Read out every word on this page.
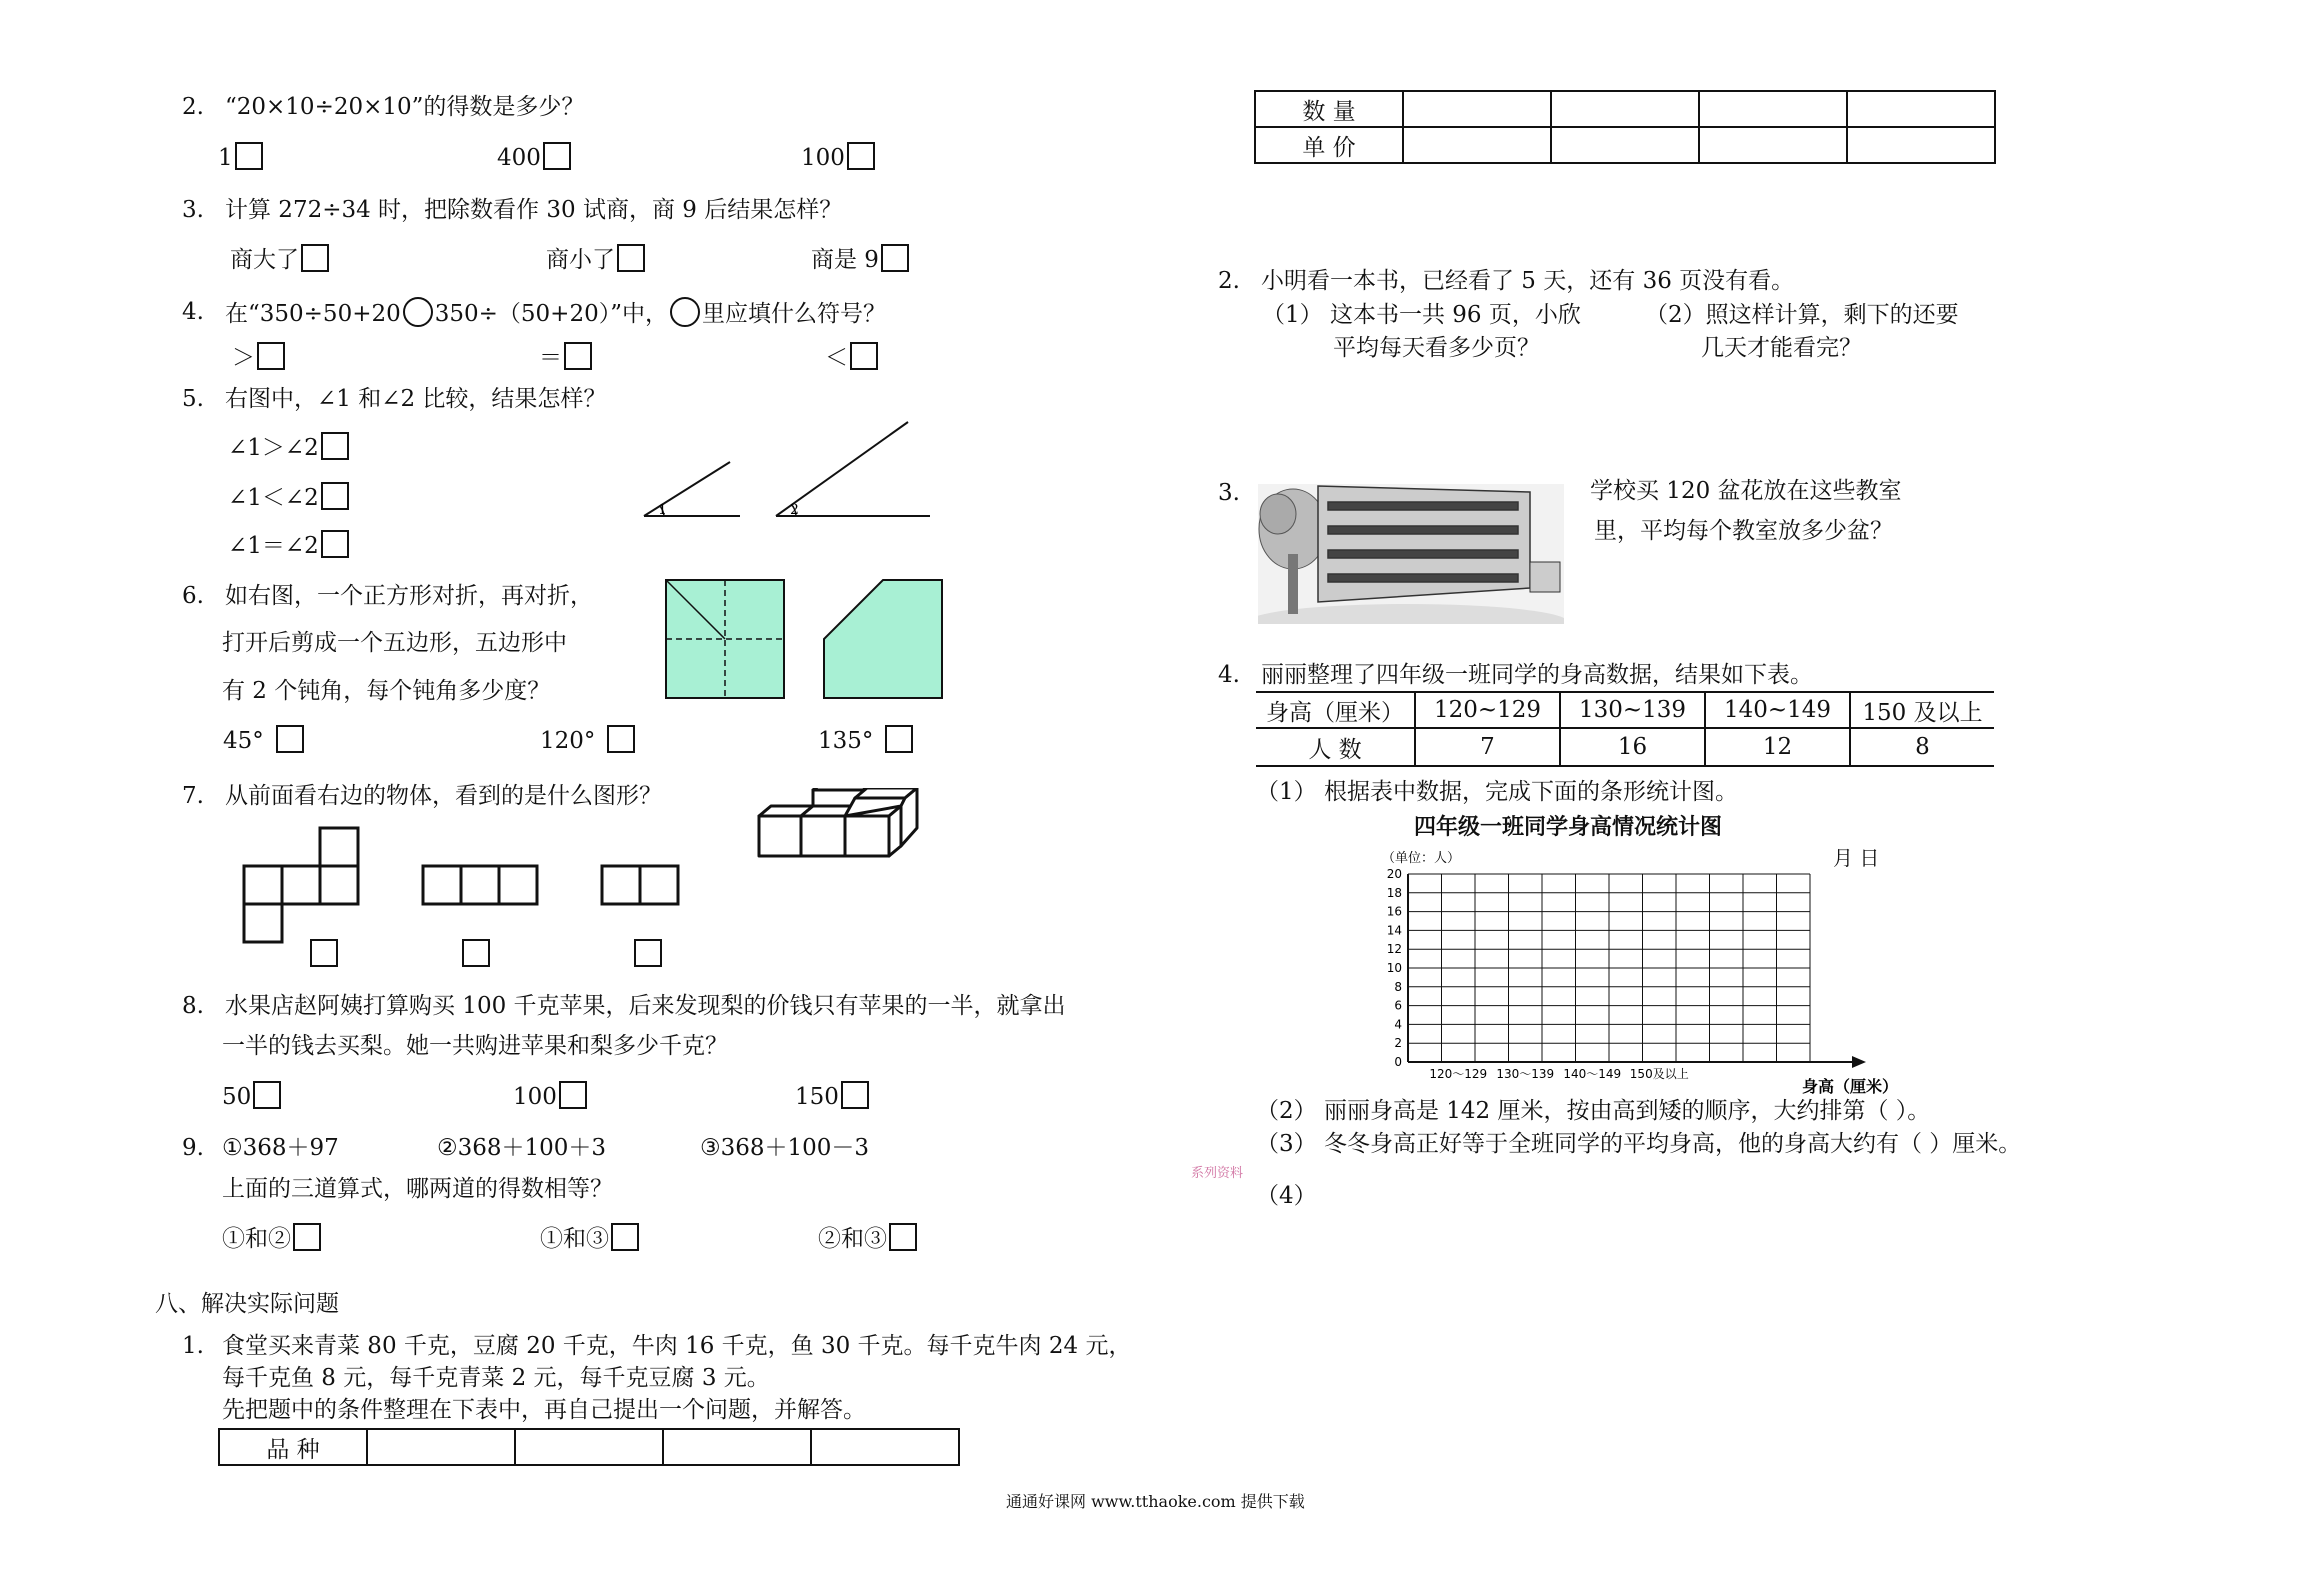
2. “20×10÷20×10”的得数是多少？
1	400	100
3. 计算 272÷34 时，把除数看作 30 试商，商 9 后结果怎样？
商大了	商小了	商是 9
4. 在“350÷50+20 350÷（50+20）”中， 里应填什么符号？
＞	＝	＜
5. 右图中，∠1 和∠2 比较，结果怎样？
∠1＞∠2
∠1＜∠2
∠1＝∠2
1	2
6. 如右图，一个正方形对折，再对折，
打开后剪成一个五边形，五边形中
有 2 个钝角，每个钝角多少度？
45°	120°	135°
7. 从前面看右边的物体，看到的是什么图形？
8. 水果店赵阿姨打算购买 100 千克苹果，后来发现梨的价钱只有苹果的一半，就拿出
一半的钱去买梨。她一共购进苹果和梨多少千克？
50	100	150
9. ①368＋97	②368＋100＋3	③368＋100－3
上面的三道算式，哪两道的得数相等？
①和②	①和③	②和③
八、解决实际问题
1. 食堂买来青菜 80 千克，豆腐 20 千克，牛肉 16 千克，鱼 30 千克。每千克牛肉 24 元，
每千克鱼 8 元，每千克青菜 2 元，每千克豆腐 3 元。
先把题中的条件整理在下表中，再自己提出一个问题，并解答。
品 种				
数 量				
单 价				
2. 小明看一本书，已经看了 5 天，还有 36 页没有看。
（1） 这本书一共 96 页，小欣
平均每天看多少页？
（2）照这样计算，剩下的还要
几天才能看完？
3.	学校买 120 盆花放在这些教室
里，平均每个教室放多少盆？
4. 丽丽整理了四年级一班同学的身高数据，结果如下表。
身高（厘米）	120~129	130~139	140~149	150 及以上
人 数	7	16	12	8
（1） 根据表中数据，完成下面的条形统计图。
四年级一班同学身高情况统计图
月 日
（单位：人）
0
2
4
6
8
10
12
14
16
18
20
120～129 130～139 140～149 150及以上
身高（厘米）
（2） 丽丽身高是 142 厘米，按由高到矮的顺序，大约排第（ ）。
（3） 冬冬身高正好等于全班同学的平均身高，他的身高大约有（ ）厘米。
（4）
系列资料
通通好课网 www.tthaoke.com 提供下载
